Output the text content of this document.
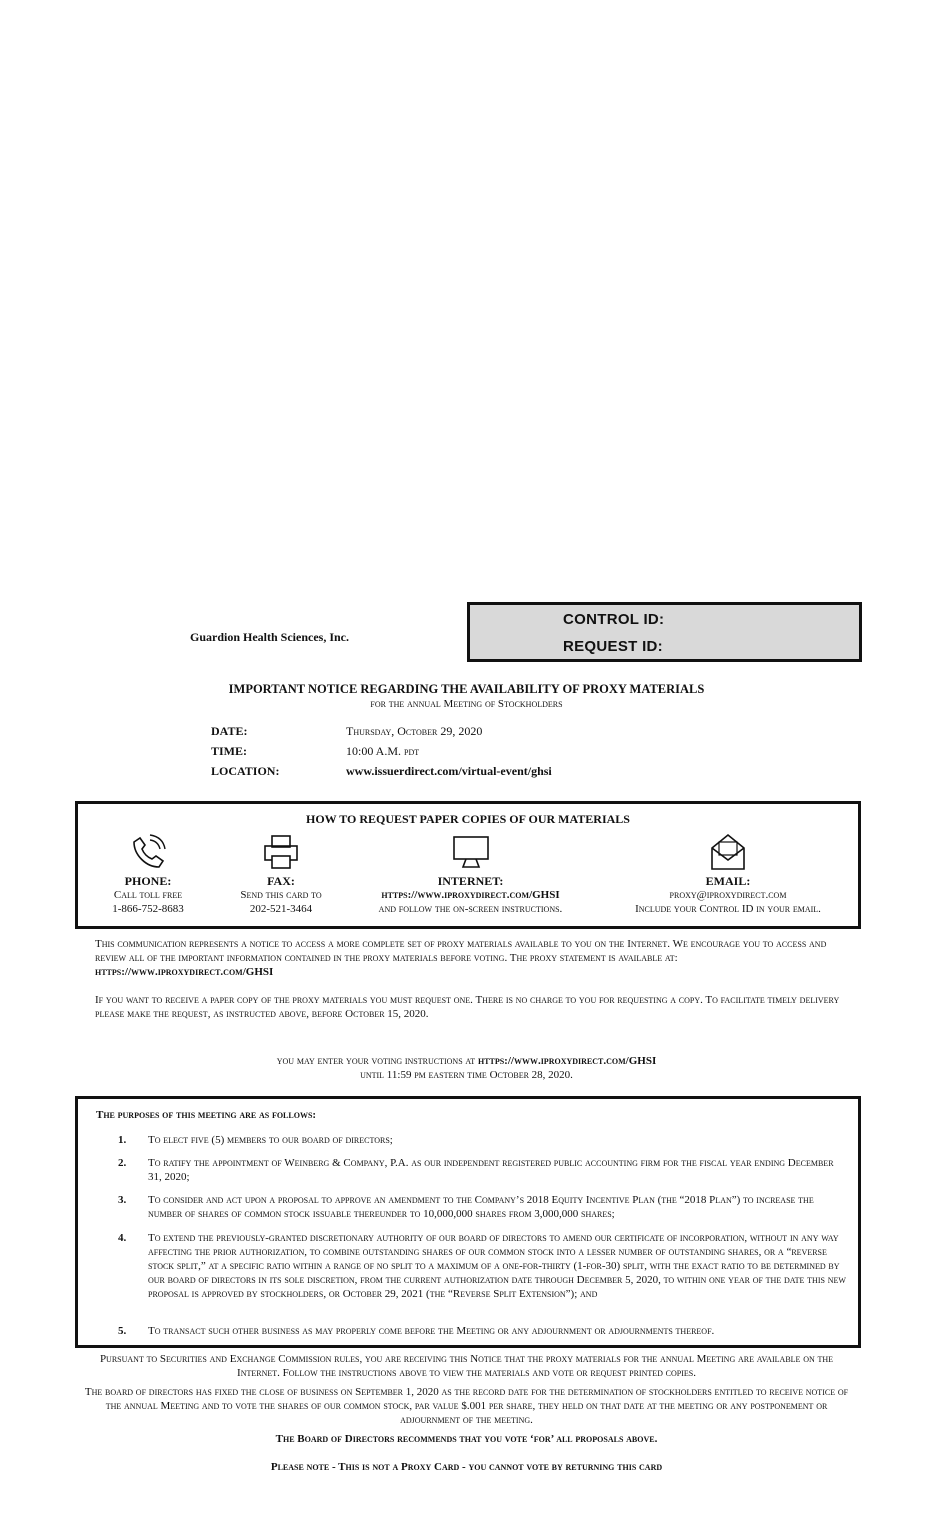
Guardion Health Sciences, Inc.
CONTROL ID:
REQUEST ID:
IMPORTANT NOTICE REGARDING THE AVAILABILITY OF PROXY MATERIALS
for the annual Meeting of Stockholders
DATE:	Thursday, October 29, 2020
TIME:	10:00 A.M. pdt
LOCATION:	www.issuerdirect.com/virtual-event/ghsi
HOW TO REQUEST PAPER COPIES OF OUR MATERIALS
PHONE:
Call toll free
1-866-752-8683
FAX:
Send this card to
202-521-3464
INTERNET:
https://www.iproxydirect.com/GHSI
and follow the on-screen instructions.
EMAIL:
proxy@iproxydirect.com
Include your Control ID in your email.
This communication represents a notice to access a more complete set of proxy materials available to you on the Internet. We encourage you to access and review all of the important information contained in the proxy materials before voting. The proxy statement is available at: https://www.iproxydirect.com/GHSI
If you want to receive a paper copy of the proxy materials you must request one. There is no charge to you for requesting a copy. To facilitate timely delivery please make the request, as instructed above, before October 15, 2020.
you may enter your voting instructions at https://www.iproxydirect.com/GHSI
until 11:59 pm eastern time October 28, 2020.
The purposes of this meeting are as follows:
1. To elect five (5) members to our board of directors;
2. To ratify the appointment of Weinberg & Company, P.A. as our independent registered public accounting firm for the fiscal year ending December 31, 2020;
3. To consider and act upon a proposal to approve an amendment to the Company’s 2018 Equity Incentive Plan (the “2018 Plan”) to increase the number of shares of common stock issuable thereunder to 10,000,000 shares from 3,000,000 shares;
4. To extend the previously-granted discretionary authority of our board of directors to amend our certificate of incorporation, without in any way affecting the prior authorization, to combine outstanding shares of our common stock into a lesser number of outstanding shares, or a “reverse stock split,” at a specific ratio within a range of no split to a maximum of a one-for-thirty (1-for-30) split, with the exact ratio to be determined by our board of directors in its sole discretion, from the current authorization date through December 5, 2020, to within one year of the date this new proposal is approved by stockholders, or October 29, 2021 (the “Reverse Split Extension”); and
5. To transact such other business as may properly come before the Meeting or any adjournment or adjournments thereof.
Pursuant to Securities and Exchange Commission rules, you are receiving this Notice that the proxy materials for the annual Meeting are available on the Internet. Follow the instructions above to view the materials and vote or request printed copies.
The board of directors has fixed the close of business on September 1, 2020 as the record date for the determination of stockholders entitled to receive notice of the annual Meeting and to vote the shares of our common stock, par value $.001 per share, they held on that date at the meeting or any postponement or adjournment of the meeting.
The Board of Directors recommends that you vote ‘for’ all proposals above.
Please note - This is not a Proxy Card - you cannot vote by returning this card
